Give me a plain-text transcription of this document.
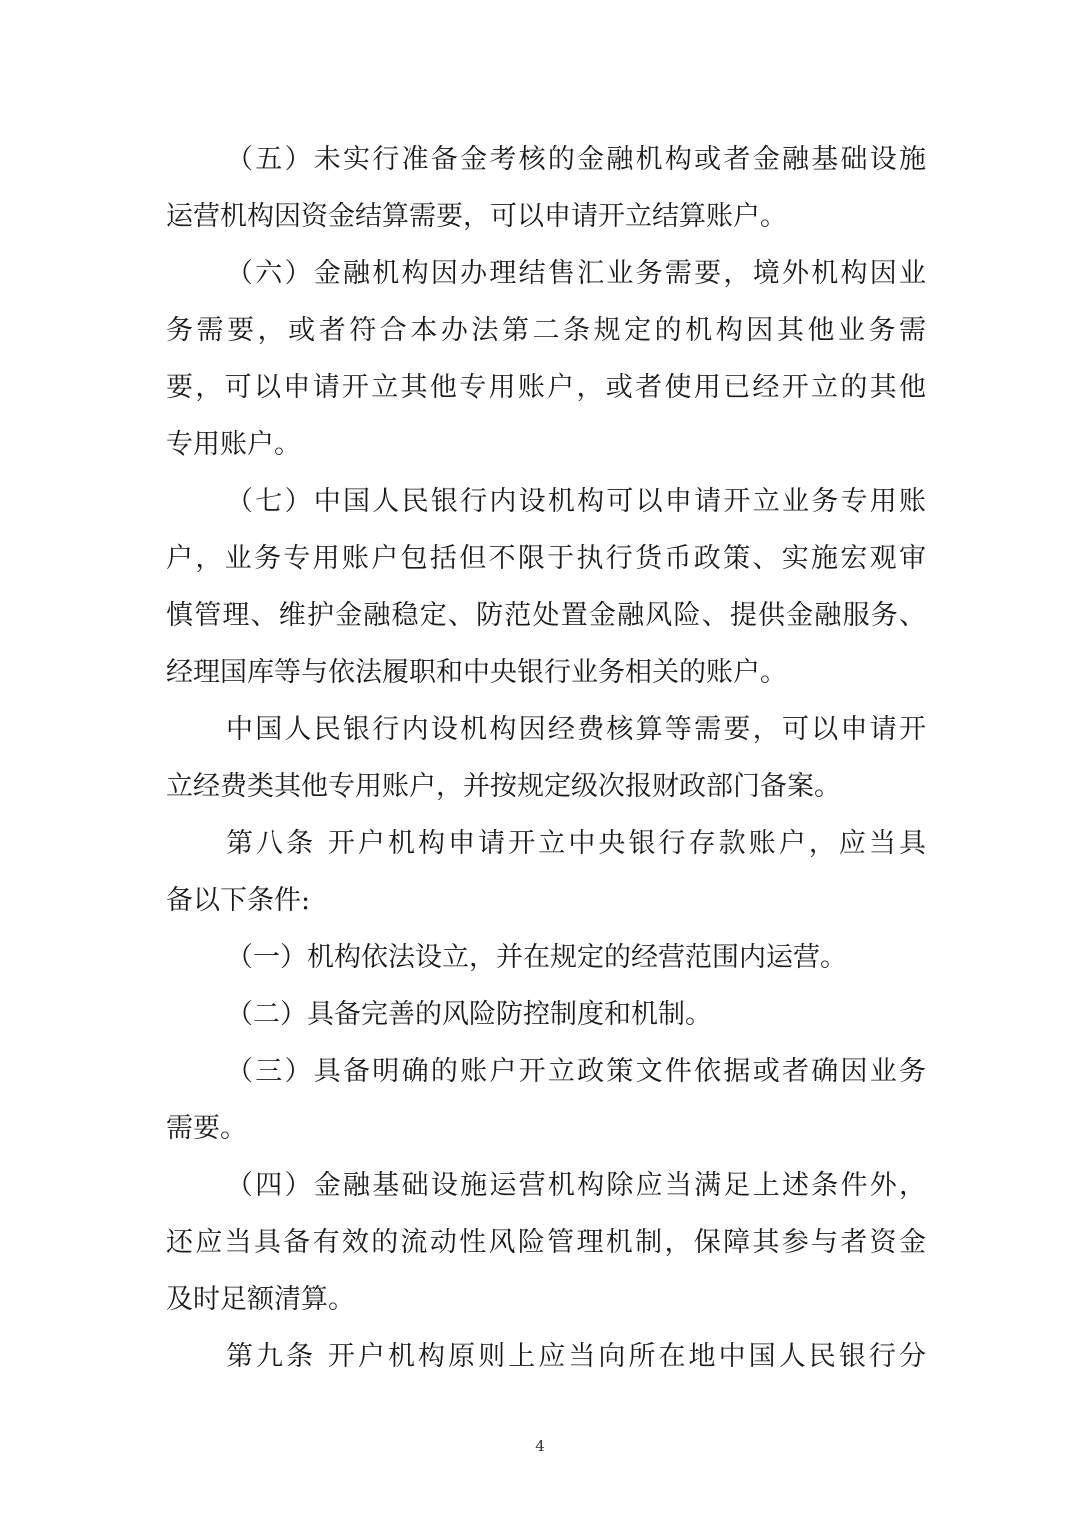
（五）未实行准备金考核的金融机构或者金融基础设施
运营机构因资金结算需要，可以申请开立结算账户。
（六）金融机构因办理结售汇业务需要，境外机构因业
务需要，或者符合本办法第二条规定的机构因其他业务需
要，可以申请开立其他专用账户，或者使用已经开立的其他
专用账户。
（七）中国人民银行内设机构可以申请开立业务专用账
户，业务专用账户包括但不限于执行货币政策、实施宏观审
慎管理、维护金融稳定、防范处置金融风险、提供金融服务、
经理国库等与依法履职和中央银行业务相关的账户。
中国人民银行内设机构因经费核算等需要，可以申请开
立经费类其他专用账户，并按规定级次报财政部门备案。
第八条 开户机构申请开立中央银行存款账户，应当具
备以下条件:
（一）机构依法设立，并在规定的经营范围内运营。
（二）具备完善的风险防控制度和机制。
（三）具备明确的账户开立政策文件依据或者确因业务
需要。
（四）金融基础设施运营机构除应当满足上述条件外，
还应当具备有效的流动性风险管理机制，保障其参与者资金
及时足额清算。
第九条 开户机构原则上应当向所在地中国人民银行分
4
